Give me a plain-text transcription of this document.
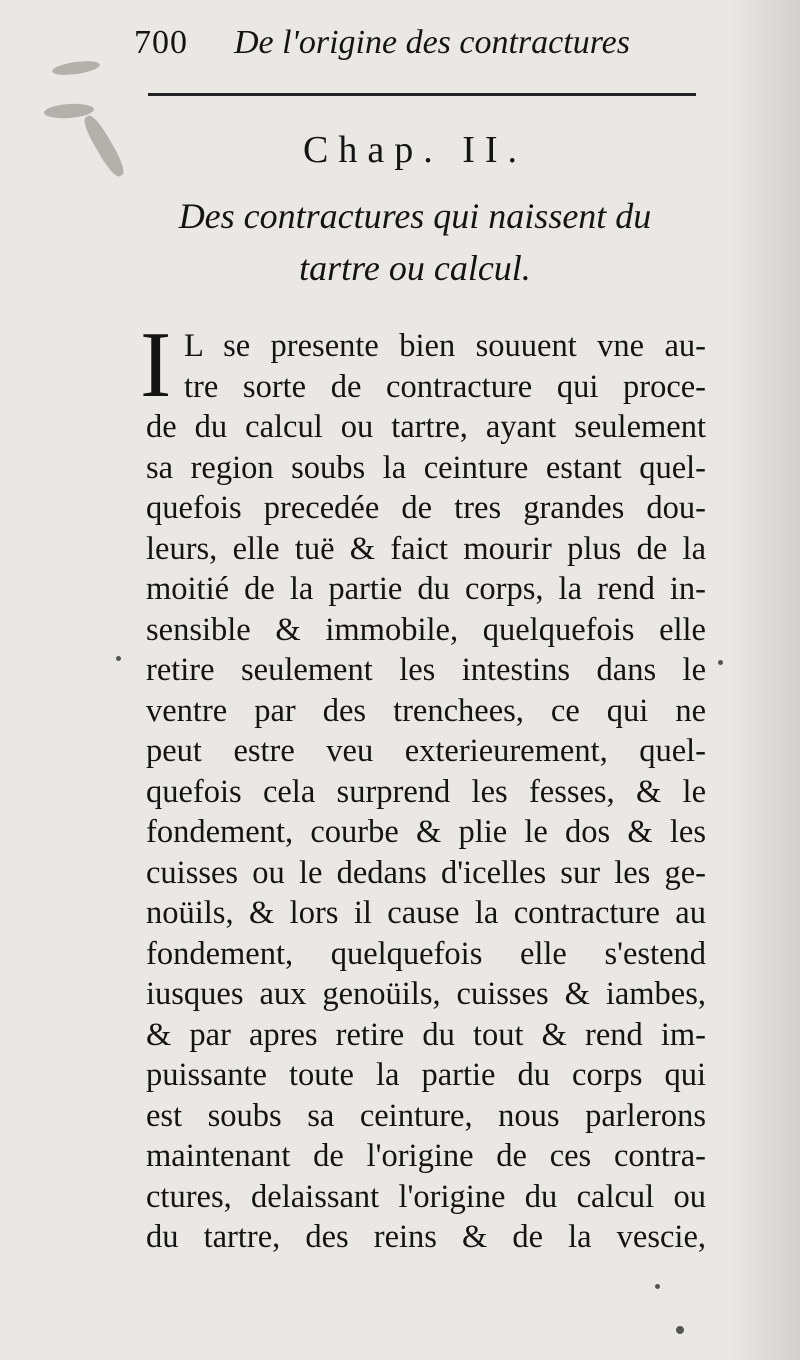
700 De l'origine des contractures
Chap. II.
Des contractures qui naissent du
tartre ou calcul.
I L se presente bien souuent vne au-
tre sorte de contracture qui proce-
de du calcul ou tartre, ayant seulement
sa region soubs la ceinture estant quel-
quefois precedée de tres grandes dou-
leurs, elle tuë & faict mourir plus de la
moitié de la partie du corps, la rend in-
sensible & immobile, quelquefois elle
retire seulement les intestins dans le
ventre par des trenchees, ce qui ne
peut estre veu exterieurement, quel-
quefois cela surprend les fesses, & le
fondement, courbe & plie le dos & les
cuisses ou le dedans d'icelles sur les ge-
noüils, & lors il cause la contracture au
fondement, quelquefois elle s'estend
iusques aux genoüils, cuisses & iambes,
& par apres retire du tout & rend im-
puissante toute la partie du corps qui
est soubs sa ceinture, nous parlerons
maintenant de l'origine de ces contra-
ctures, delaissant l'origine du calcul ou
du tartre, des reins & de la vescie,
